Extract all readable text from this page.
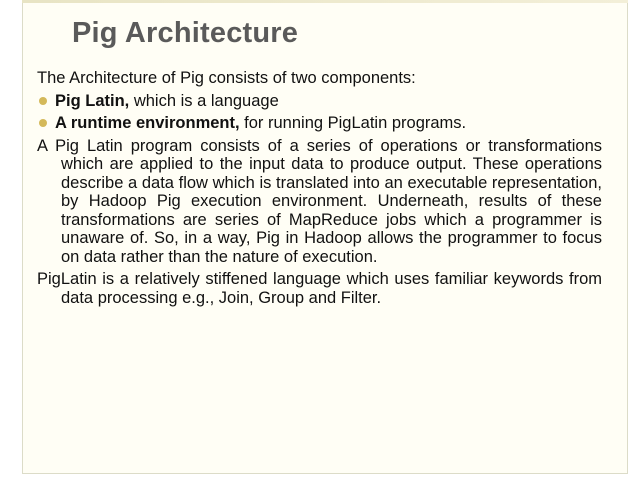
Pig Architecture

The Architecture of Pig consists of two components:

Pig Latin, which is a language
A runtime environment, for running PigLatin programs.

A Pig Latin program consists of a series of operations or transformations which are applied to the input data to produce output. These operations describe a data flow which is translated into an executable representation, by Hadoop Pig execution environment. Underneath, results of these transformations are series of MapReduce jobs which a programmer is unaware of. So, in a way, Pig in Hadoop allows the programmer to focus on data rather than the nature of execution.

PigLatin is a relatively stiffened language which uses familiar keywords from data processing e.g., Join, Group and Filter.
